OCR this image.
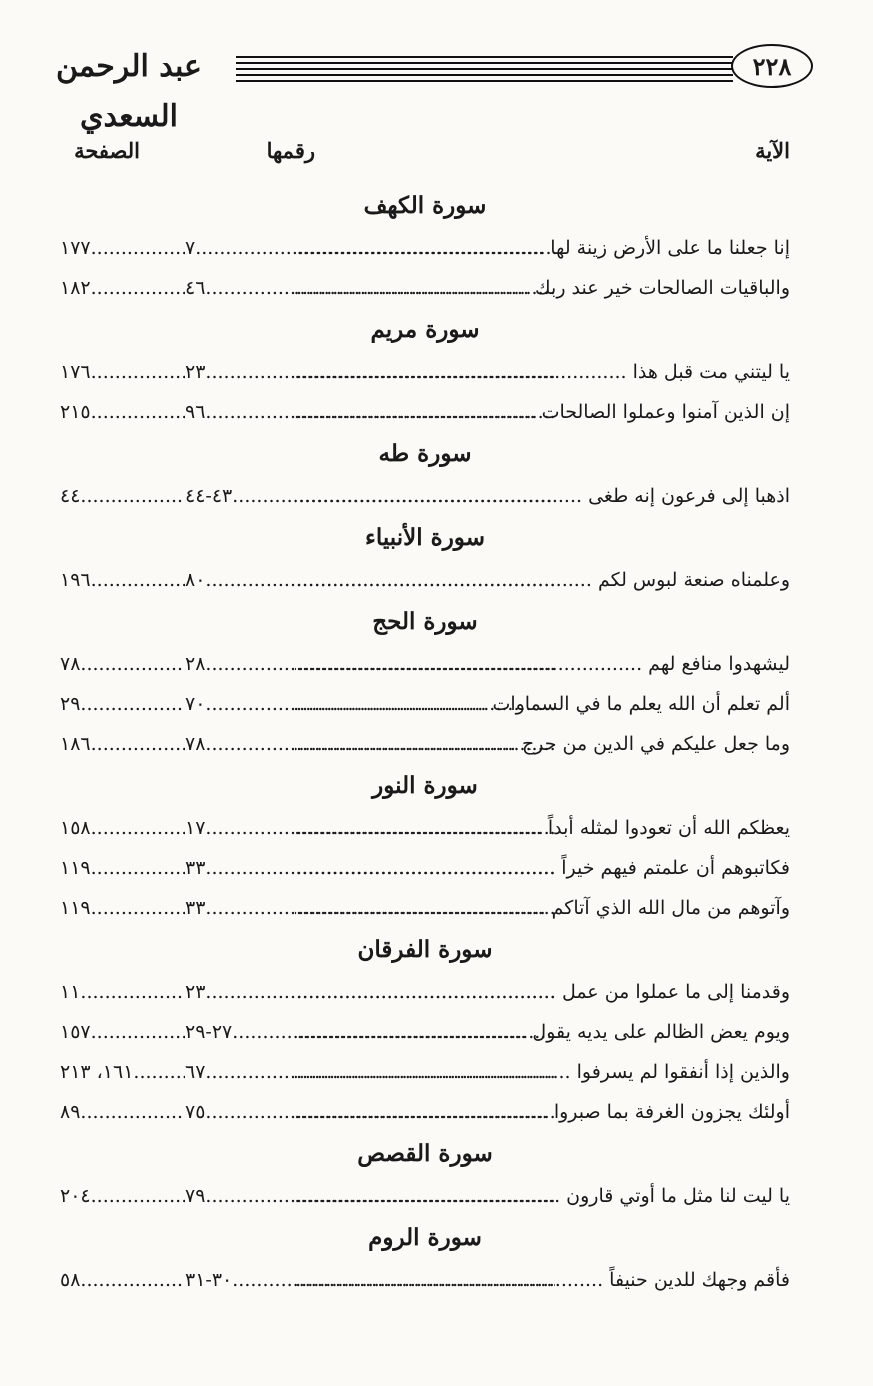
عبد الرحمن السعدي
٢٢٨
الآية
رقمها
الصفحة
سورة الكهف
إنا جعلنا ما على الأرض زينة لها .....
٧ .....
١٧٧ .....
والباقيات الصالحات خير عند ربك .....
٤٦ .....
١٨٢ .....
سورة مريم
يا ليتني مت قبل هذا .....
٢٣ .....
١٧٦ .....
إن الذين آمنوا وعملوا الصالحات .....
٩٦ .....
٢١٥ .....
سورة طه
اذهبا إلى فرعون إنه طغى .....
٤٣-٤٤ .....
٤٤ .....
سورة الأنبياء
وعلمناه صنعة لبوس لكم .....
٨٠ .....
١٩٦ .....
سورة الحج
ليشهدوا منافع لهم .....
٢٨ .....
٧٨ .....
ألم تعلم أن الله يعلم ما في السماوات .....
٧٠ .....
٢٩ .....
وما جعل عليكم في الدين من حرج .....
٧٨ .....
١٨٦ .....
سورة النور
يعظكم الله أن تعودوا لمثله أبداً .....
١٧ .....
١٥٨ .....
فكاتبوهم أن علمتم فيهم خيراً .....
٣٣ .....
١١٩ .....
وآتوهم من مال الله الذي آتاكم .....
٣٣ .....
١١٩ .....
سورة الفرقان
وقدمنا إلى ما عملوا من عمل .....
٢٣ .....
١١ .....
ويوم يعض الظالم على يديه يقول .....
٢٧-٢٩ .....
١٥٧ .....
والذين إذا أنفقوا لم يسرفوا .....
٦٧ .....
١٦١، ٢١٣ .....
أولئك يجزون الغرفة بما صبروا .....
٧٥ .....
٨٩ .....
سورة القصص
يا ليت لنا مثل ما أوتي قارون .....
٧٩ .....
٢٠٤ .....
سورة الروم
فأقم وجهك للدين حنيفاً .....
٣٠-٣١ .....
٥٨ .....
